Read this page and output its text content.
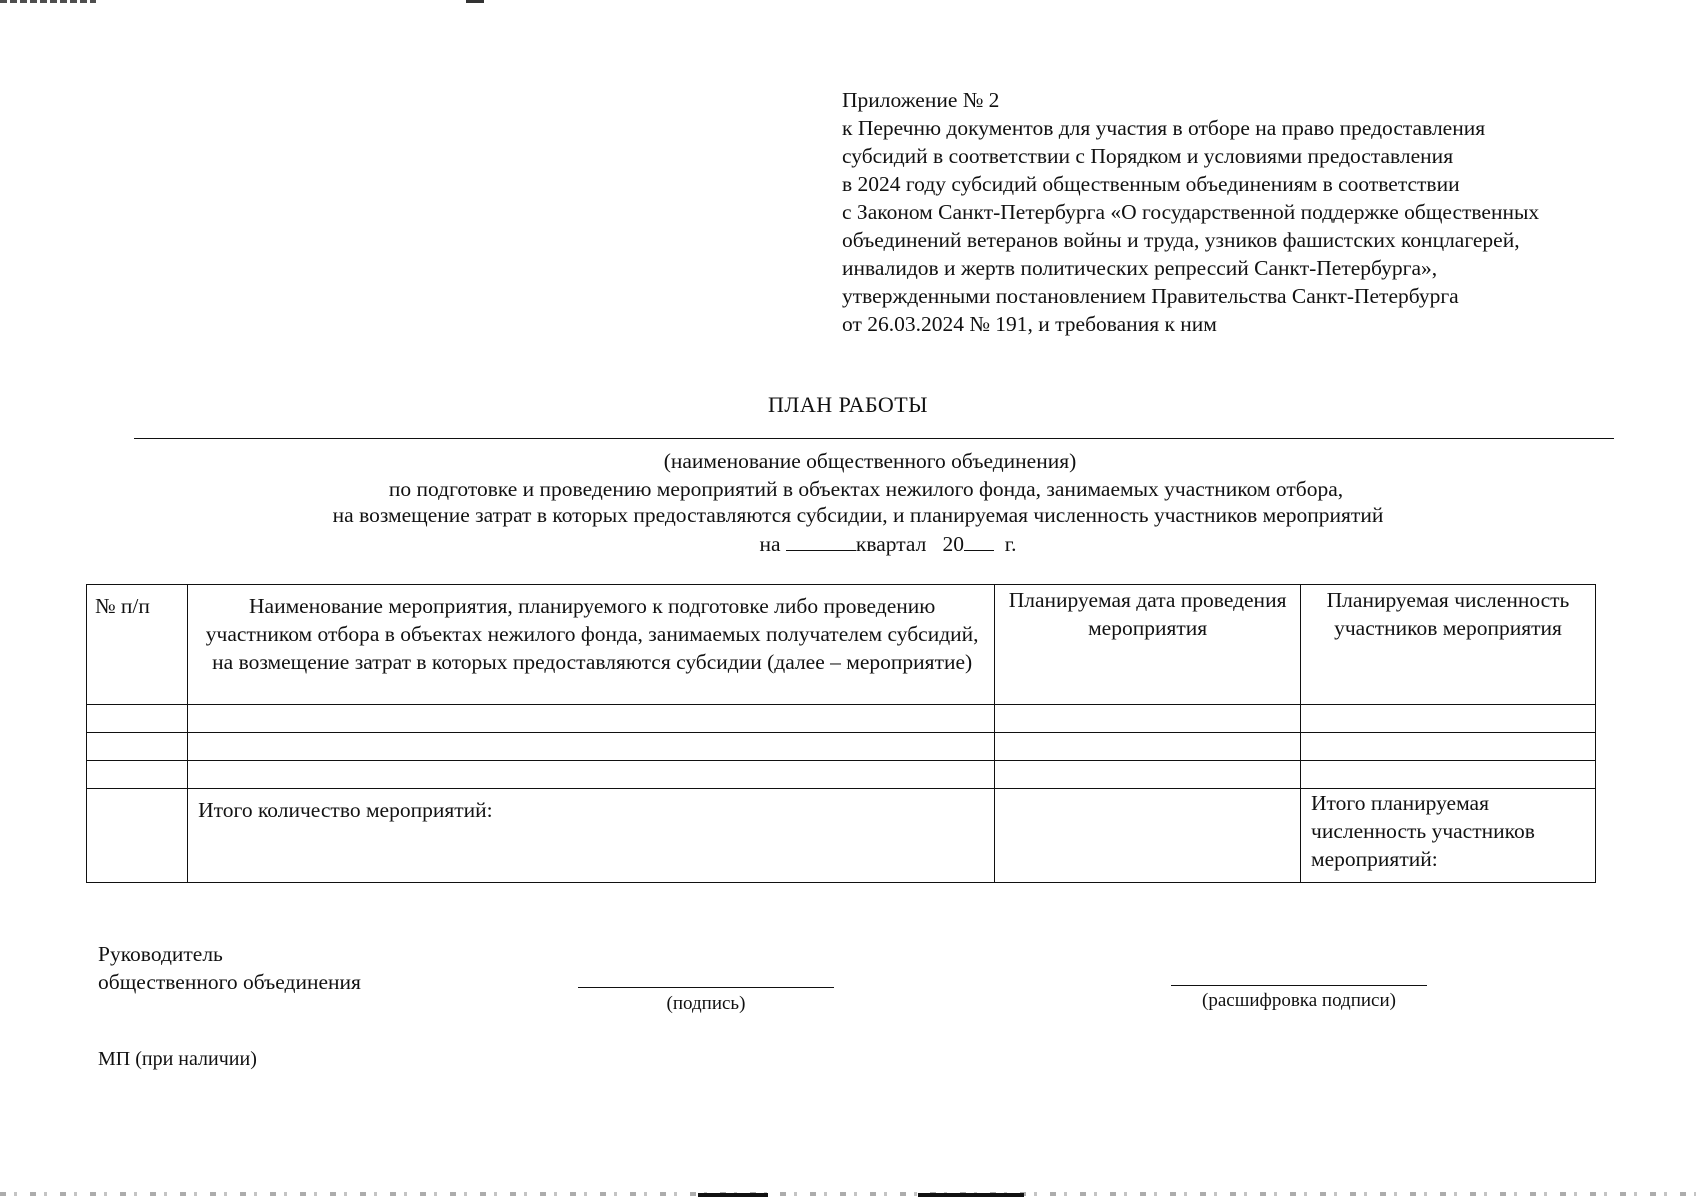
Приложение № 2
к Перечню документов для участия в отборе на право предоставления
субсидий в соответствии с Порядком и условиями предоставления
в 2024 году субсидий общественным объединениям в соответствии
с Законом Санкт-Петербурга «О государственной поддержке общественных
объединений ветеранов войны и труда, узников фашистских концлагерей,
инвалидов и жертв политических репрессий Санкт-Петербурга»,
утвержденными постановлением Правительства Санкт-Петербурга
от 26.03.2024 № 191, и требования к ним
ПЛАН РАБОТЫ
(наименование общественного объединения)
по подготовке и проведению мероприятий в объектах нежилого фонда, занимаемых участником отбора,
на возмещение затрат в которых предоставляются субсидии, и планируемая численность участников мероприятий
на	квартал 20 г.
№ п/п	Наименование мероприятия, планируемого к подготовке либо проведению участником отбора в объектах нежилого фонда, занимаемых получателем субсидий, на возмещение затрат в которых предоставляются субсидии (далее – мероприятие)	Планируемая дата проведения мероприятия	Планируемая численность участников мероприятия

	Итого количество мероприятий:		Итого планируемая численность участников мероприятий:
Руководитель
общественного объединения
(подпись)	(расшифровка подписи)
МП (при наличии)
